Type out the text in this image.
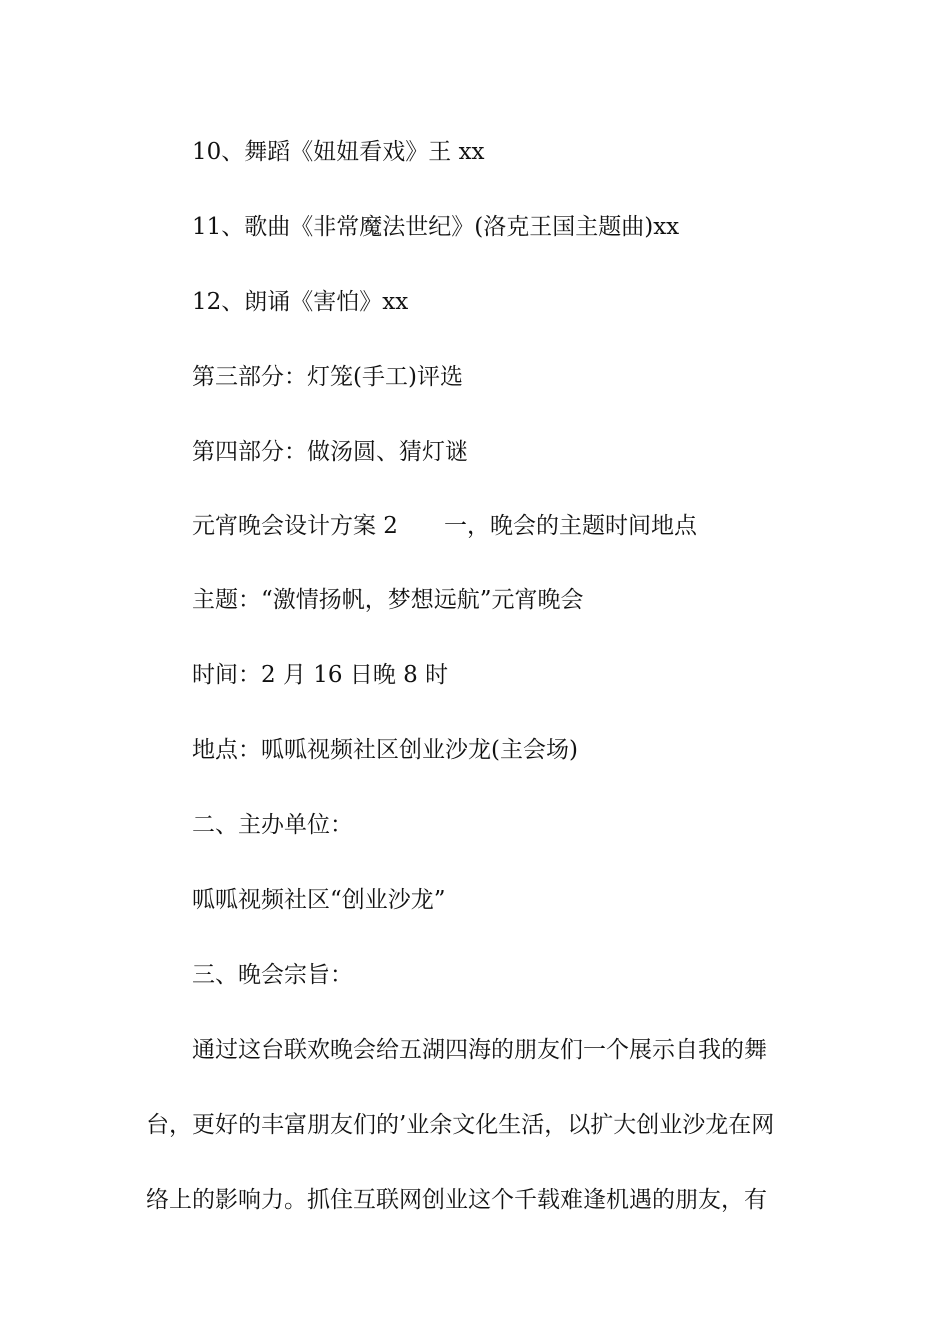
10、舞蹈《妞妞看戏》王 xx
11、歌曲《非常魔法世纪》(洛克王国主题曲)xx
12、朗诵《害怕》xx
第三部分：灯笼(手工)评选
第四部分：做汤圆、猜灯谜
元宵晚会设计方案 2　　一，晚会的主题时间地点
主题：“激情扬帆，梦想远航”元宵晚会
时间：2 月 16 日晚 8 时
地点：呱呱视频社区创业沙龙(主会场)
二、主办单位：
呱呱视频社区“创业沙龙”
三、晚会宗旨：
通过这台联欢晚会给五湖四海的朋友们一个展示自我的舞
台，更好的丰富朋友们的’业余文化生活，以扩大创业沙龙在网
络上的影响力。抓住互联网创业这个千载难逢机遇的朋友，有
